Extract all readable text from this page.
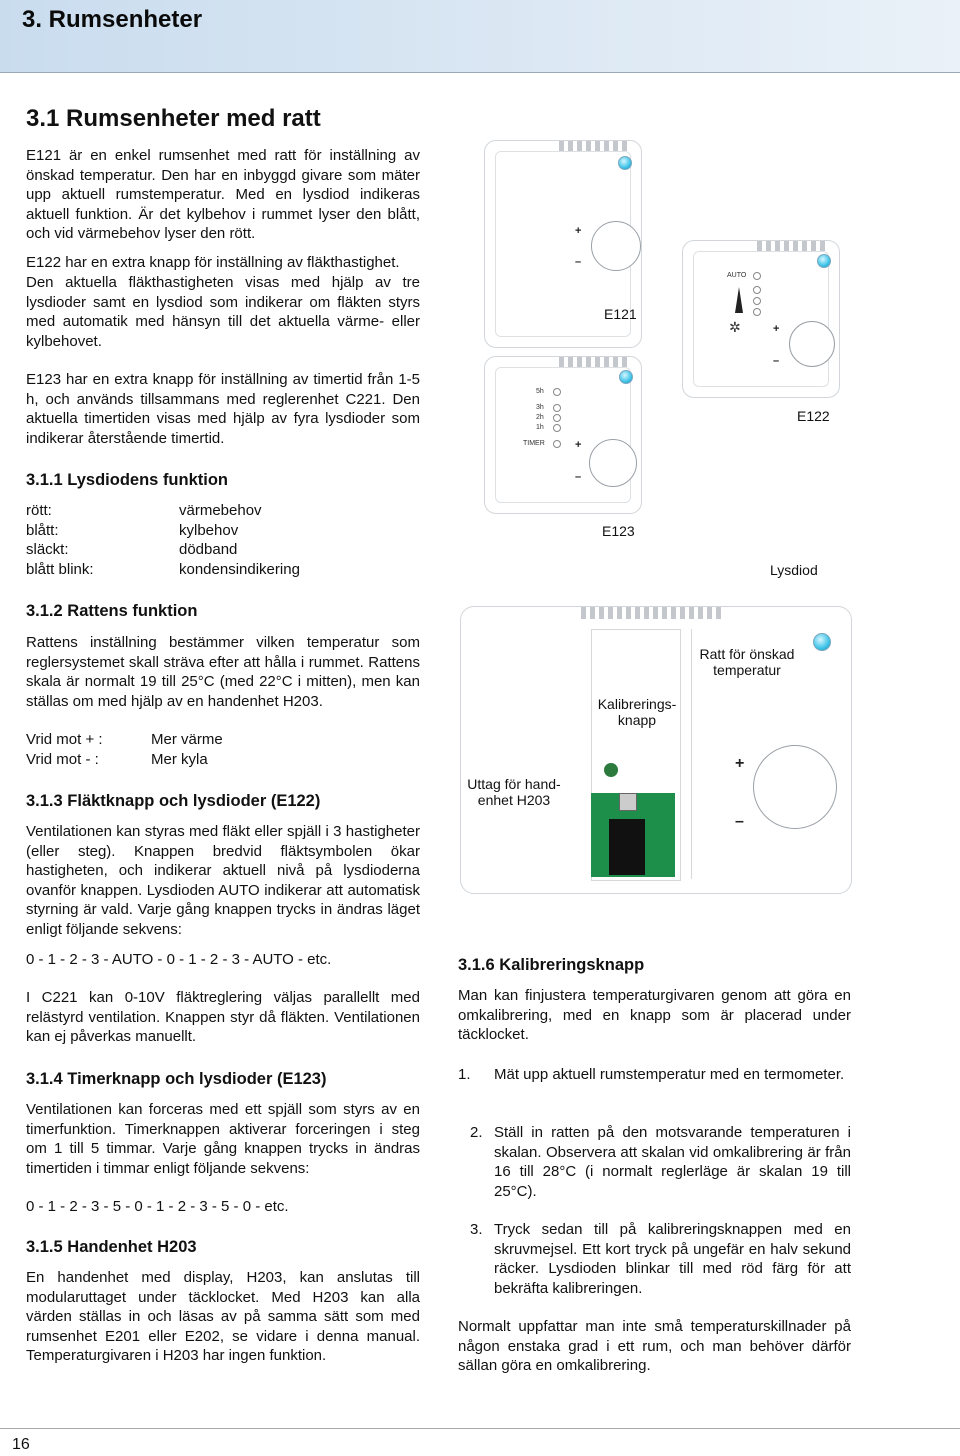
3. Rumsenheter
3.1 Rumsenheter med ratt
E121 är en enkel rumsenhet med ratt för inställning av önskad temperatur. Den har en inbyggd givare som mäter upp aktuell rumstemperatur. Med en lysdiod indikeras aktuell funktion. Är det kylbehov i rummet lyser den blått, och vid värmebehov lyser den rött.
E122 har en extra knapp för inställning av fläkthastighet.
Den aktuella fläkthastigheten visas med hjälp av tre lysdioder samt en lysdiod som indikerar om fläkten styrs med automatik med hänsyn till det aktuella värme- eller kylbehovet.
E123 har en extra knapp för inställning av timertid från 1-5 h, och används tillsammans med reglerenhet C221. Den aktuella timertiden visas med hjälp av fyra lysdioder som indikerar återstående timertid.
3.1.1 Lysdiodens funktion
rött:
blått:
släckt:
blått blink:
värmebehov
kylbehov
dödband
kondensindikering
3.1.2 Rattens funktion
Rattens inställning bestämmer vilken temperatur som reglersystemet skall sträva efter att hålla i rummet. Rattens skala är normalt 19 till 25°C (med 22°C i mitten), men kan ställas om med hjälp av en handenhet H203.
Vrid mot + :
Vrid mot - :
Mer värme
Mer kyla
3.1.3 Fläktknapp och lysdioder (E122)
Ventilationen kan styras med fläkt eller spjäll i 3 hastigheter (eller steg). Knappen bredvid fläktsymbolen ökar hastigheten, och indikerar aktuell nivå på lysdioderna ovanför knappen. Lysdioden AUTO indikerar att automatisk styrning är vald. Varje gång knappen trycks in ändras läget enligt följande sekvens:
0 - 1 - 2 - 3 - AUTO - 0 - 1 - 2 - 3 - AUTO - etc.
I C221 kan 0-10V fläktreglering väljas parallellt med relästyrd ventilation. Knappen styr då fläkten. Ventilationen kan ej påverkas manuellt.
3.1.4 Timerknapp och lysdioder (E123)
Ventilationen kan forceras med ett spjäll som styrs av en timerfunktion. Timerknappen aktiverar forceringen i steg om 1 till 5 timmar. Varje gång knappen trycks in ändras timertiden i timmar enligt följande sekvens:
0 - 1 - 2 - 3 - 5 - 0 - 1 - 2 - 3 - 5 - 0 - etc.
3.1.5 Handenhet H203
En handenhet med display, H203, kan anslutas till modularuttaget under täcklocket. Med H203 kan alla värden ställas in och läsas av på samma sätt som med rumsenhet E201 eller E202, se vidare i denna manual. Temperaturgivaren i H203 har ingen funktion.
+
–
E121
AUTO
✲	+
–
E122
5h
3h
2h
1h
TIMER	+
–
E123
Lysdiod
+
–
Ratt för önskad temperatur
Kalibrerings-knapp
Uttag för hand-enhet H203
3.1.6 Kalibreringsknapp
Man kan finjustera temperaturgivaren genom att göra en omkalibrering, med en knapp som är placerad under täcklocket.
1. Mät upp aktuell rumstemperatur med en termometer.
2. Ställ in ratten på den motsvarande temperaturen i skalan. Observera att skalan vid omkalibrering är från 16 till 28°C (i normalt reglerläge är skalan 19 till 25°C).
3. Tryck sedan till på kalibreringsknappen med en skruvmejsel. Ett kort tryck på ungefär en halv sekund räcker. Lysdioden blinkar till med röd färg för att bekräfta kalibreringen.
Normalt uppfattar man inte små temperaturskillnader på någon enstaka grad i ett rum, och man behöver därför sällan göra en omkalibrering.
16
